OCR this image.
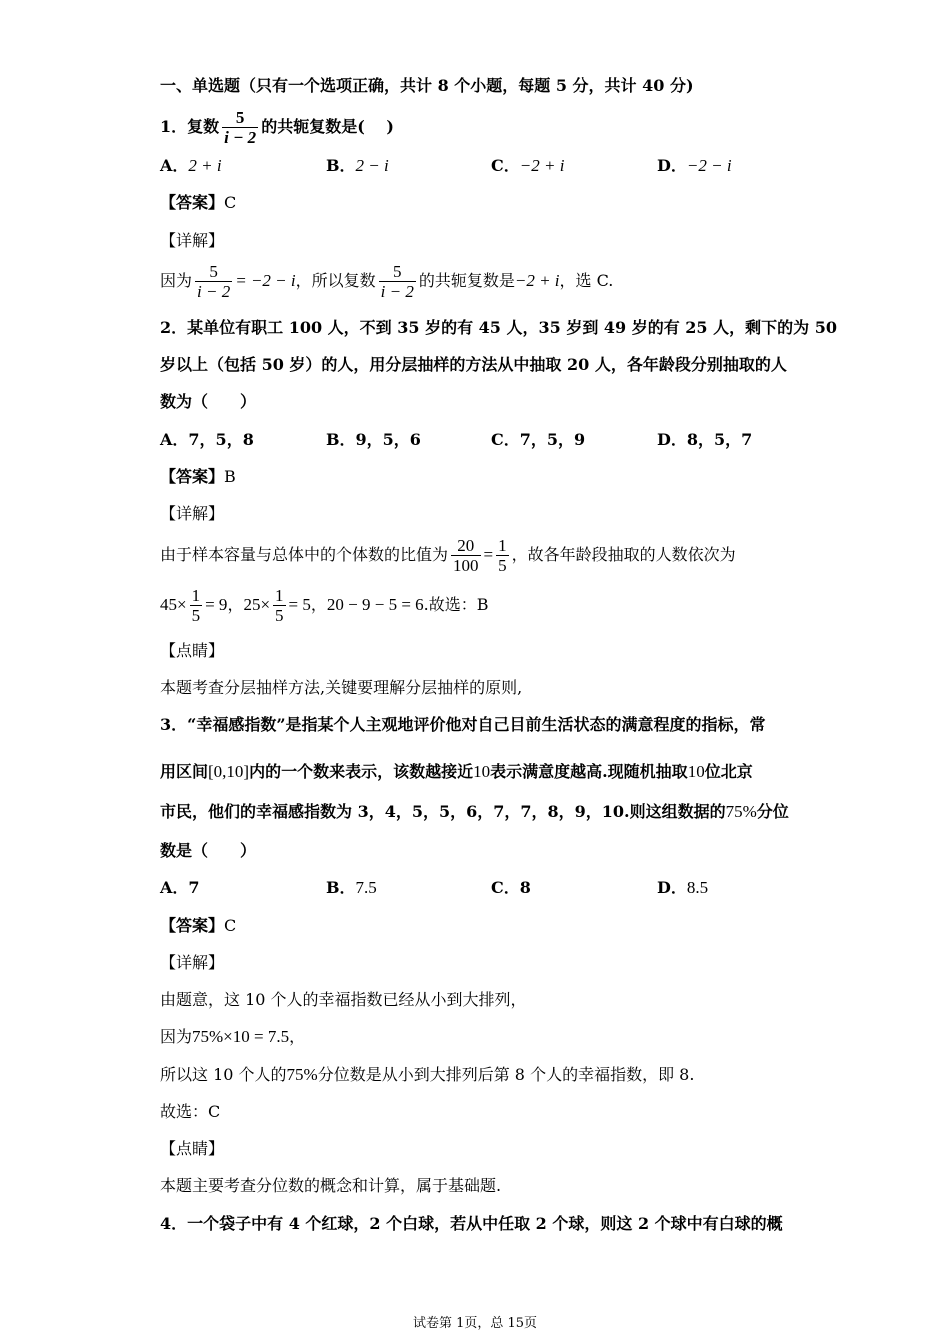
一、单选题（只有一个选项正确，共计 8 个小题，每题 5 分，共计 40 分)
1．复数 $\frac{5}{i - 2}$ 的共轭复数是(　 )
A．2 + i	B．2 − i	C．−2 + i	D．−2 − i
【答案】C
【详解】
因为 $\frac{5}{i - 2} = -2 - i$，所以复数 $\frac{5}{i - 2}$ 的共轭复数是−2 + i，选 C.
2．某单位有职工 100 人，不到 35 岁的有 45 人，35 岁到 49 岁的有 25 人，剩下的为 50
岁以上（包括 50 岁）的人，用分层抽样的方法从中抽取 20 人，各年龄段分别抽取的人
数为（　　）
A．7，5，8	B．9，5，6	C．7，5，9	D．8，5，7
【答案】B
【详解】
由于样本容量与总体中的个体数的比值为 $\frac{20}{100} = \frac{1}{5}$ ，故各年龄段抽取的人数依次为
$45\times \frac{1}{5} = 9$，$25\times \frac{1}{5} = 5$，20 − 9 − 5 = 6.故选：B
【点睛】
本题考查分层抽样方法,关键要理解分层抽样的原则,
3．“幸福感指数”是指某个人主观地评价他对自己目前生活状态的满意程度的指标，常
用区间[0,10]内的一个数来表示，该数越接近10表示满意度越高.现随机抽取10位北京
市民，他们的幸福感指数为 3，4，5，5，6，7，7，8，9，10.则这组数据的75%分位
数是（　　）
A．7	B．7.5	C．8	D．8.5
【答案】C
【详解】
由题意，这 10 个人的幸福指数已经从小到大排列，
因为75%×10 = 7.5，
所以这 10 个人的75%分位数是从小到大排列后第 8 个人的幸福指数，即 8.
故选：C
【点睛】
本题主要考查分位数的概念和计算，属于基础题.
4．一个袋子中有 4 个红球，2 个白球，若从中任取 2 个球，则这 2 个球中有白球的概
试卷第 1页，总 15页
